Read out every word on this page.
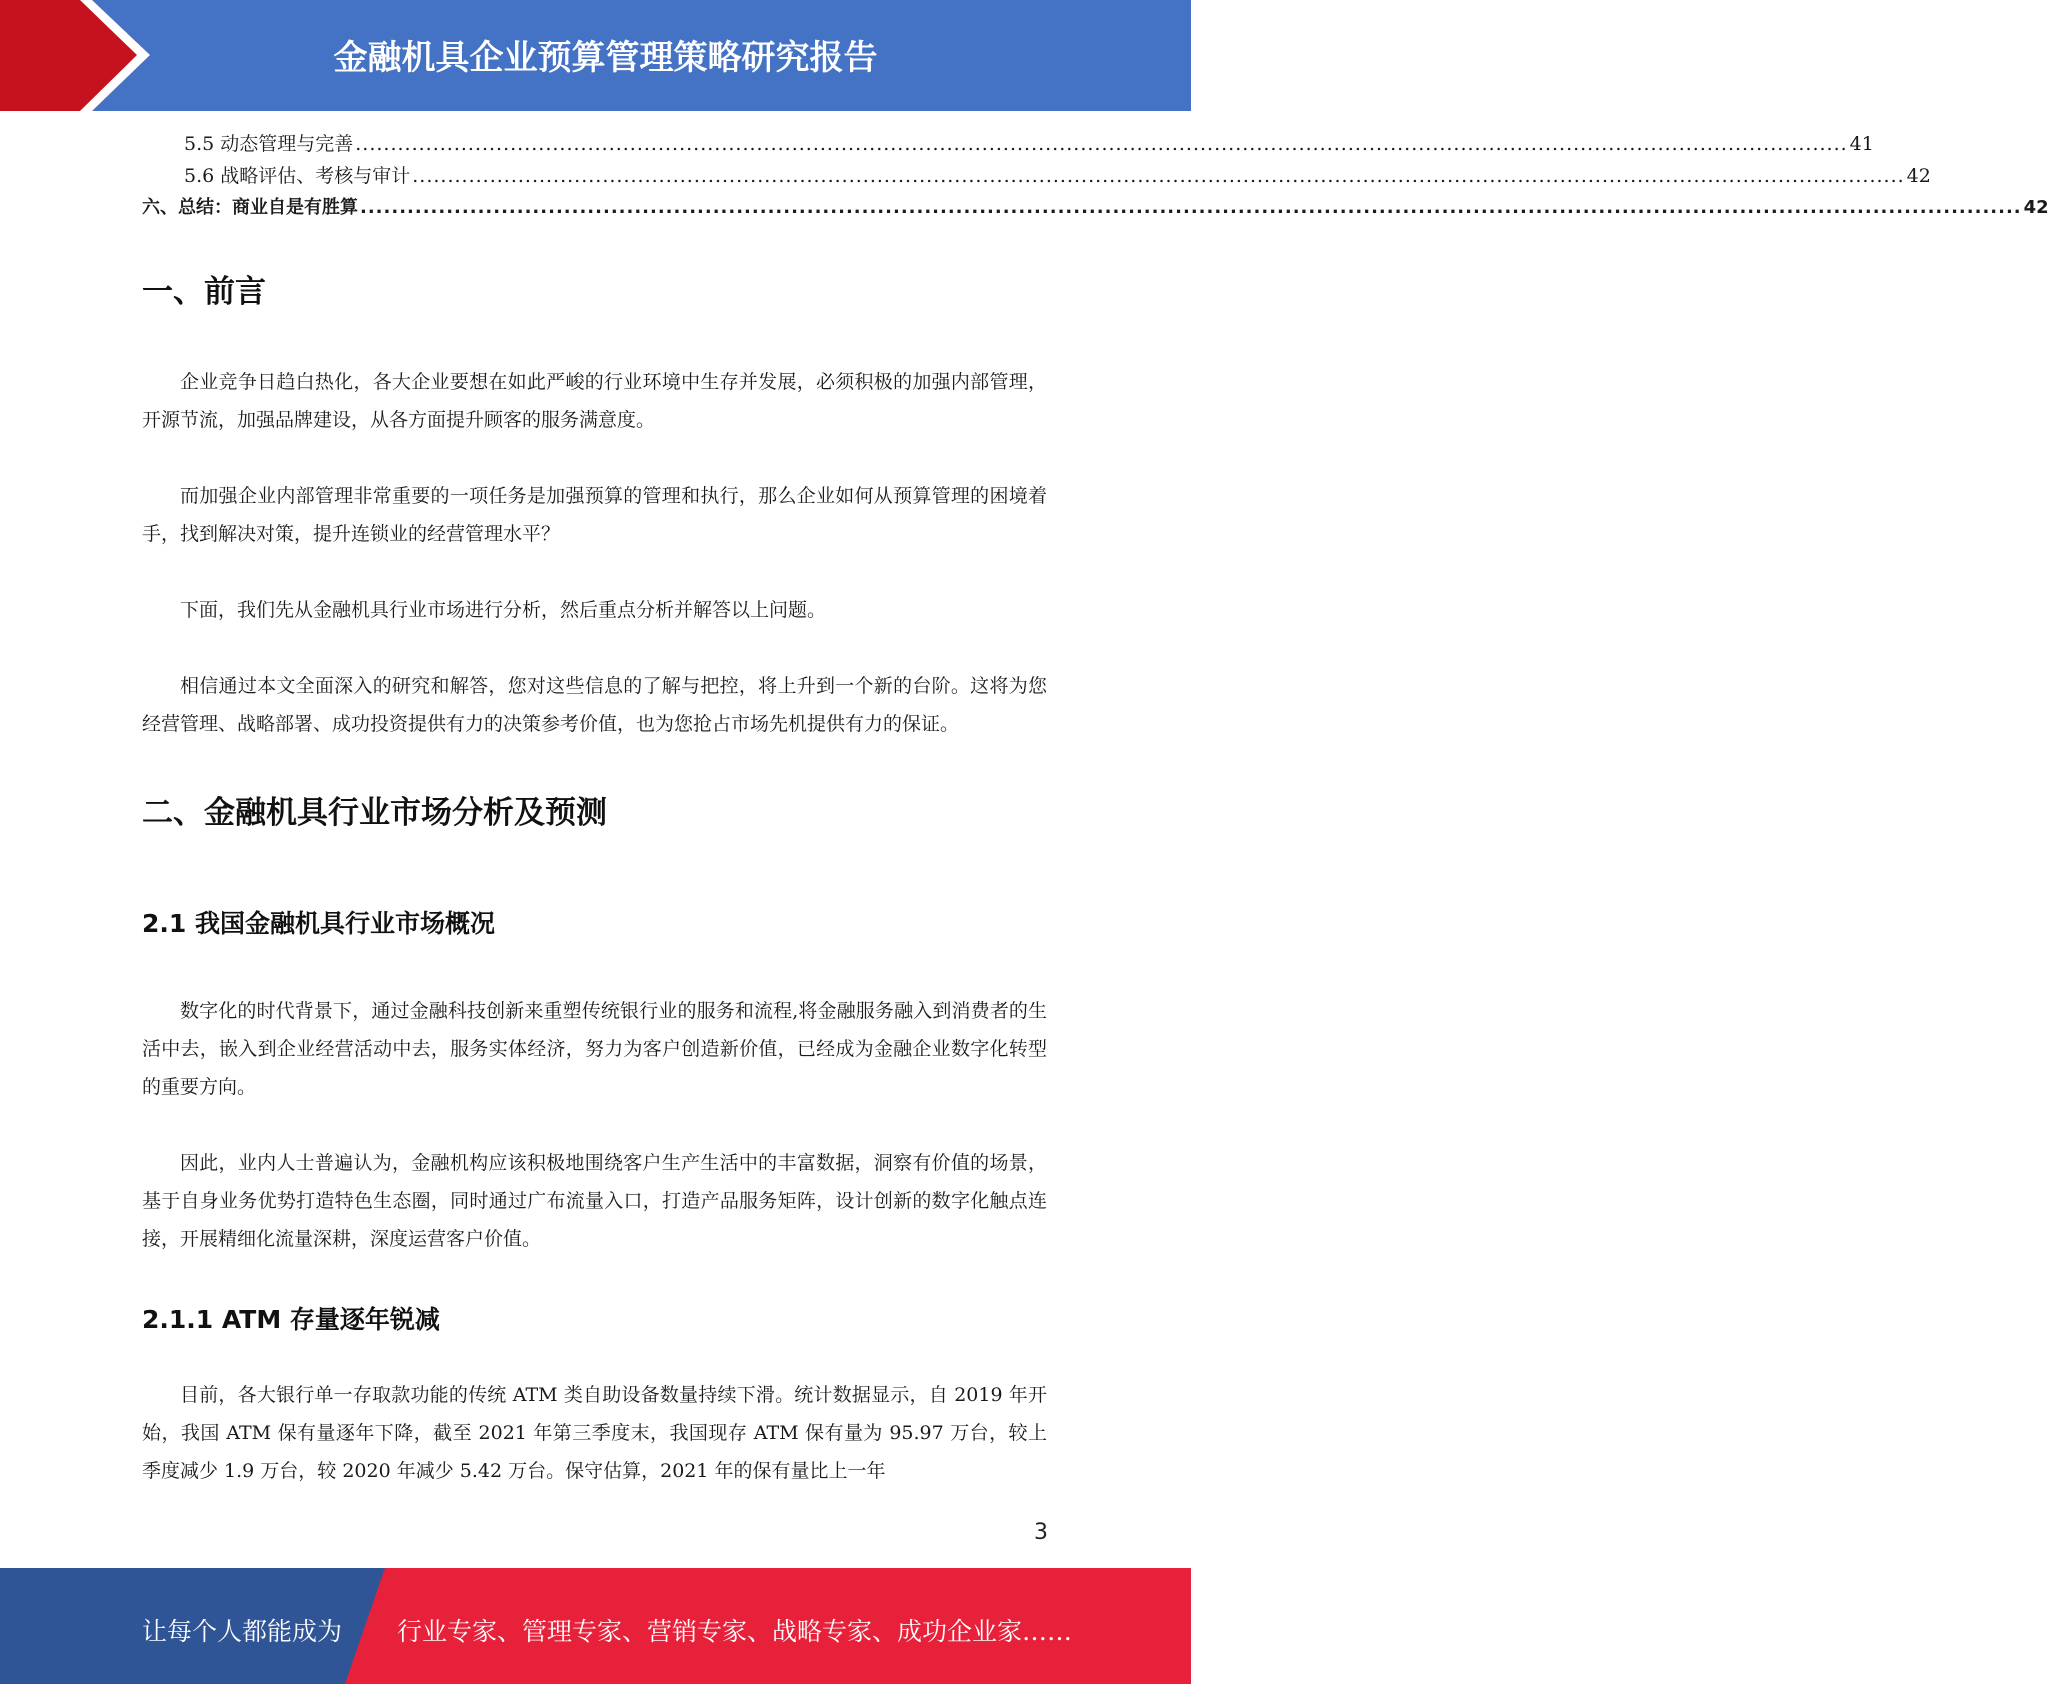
金融机具企业预算管理策略研究报告
5.5 动态管理与完善 .................................................................................................................................................................................................................... 41
5.6 战略评估、考核与审计 .................................................................................................................................................................................................................... 42
六、总结：商业自是有胜算 .................................................................................................................................................................................................................... 42
一、前言

企业竞争日趋白热化，各大企业要想在如此严峻的行业环境中生存并发展，必须积极的加强内部管理，开源节流，加强品牌建设，从各方面提升顾客的服务满意度。

而加强企业内部管理非常重要的一项任务是加强预算的管理和执行，那么企业如何从预算管理的困境着手，找到解决对策，提升连锁业的经营管理水平？

下面，我们先从金融机具行业市场进行分析，然后重点分析并解答以上问题。

相信通过本文全面深入的研究和解答，您对这些信息的了解与把控，将上升到一个新的台阶。这将为您经营管理、战略部署、成功投资提供有力的决策参考价值，也为您抢占市场先机提供有力的保证。

二、金融机具行业市场分析及预测
2.1 我国金融机具行业市场概况

数字化的时代背景下，通过金融科技创新来重塑传统银行业的服务和流程,将金融服务融入到消费者的生活中去，嵌入到企业经营活动中去，服务实体经济，努力为客户创造新价值，已经成为金融企业数字化转型的重要方向。

因此，业内人士普遍认为，金融机构应该积极地围绕客户生产生活中的丰富数据，洞察有价值的场景，基于自身业务优势打造特色生态圈，同时通过广布流量入口，打造产品服务矩阵，设计创新的数字化触点连接，开展精细化流量深耕，深度运营客户价值。

2.1.1 ATM 存量逐年锐减

目前，各大银行单一存取款功能的传统 ATM 类自助设备数量持续下滑。统计数据显示，自 2019 年开始，我国 ATM 保有量逐年下降，截至 2021 年第三季度末，我国现存 ATM 保有量为 95.97 万台，较上季度减少 1.9 万台，较 2020 年减少 5.42 万台。保守估算，2021 年的保有量比上一年

3
让每个人都能成为 行业专家、管理专家、营销专家、战略专家、成功企业家……
